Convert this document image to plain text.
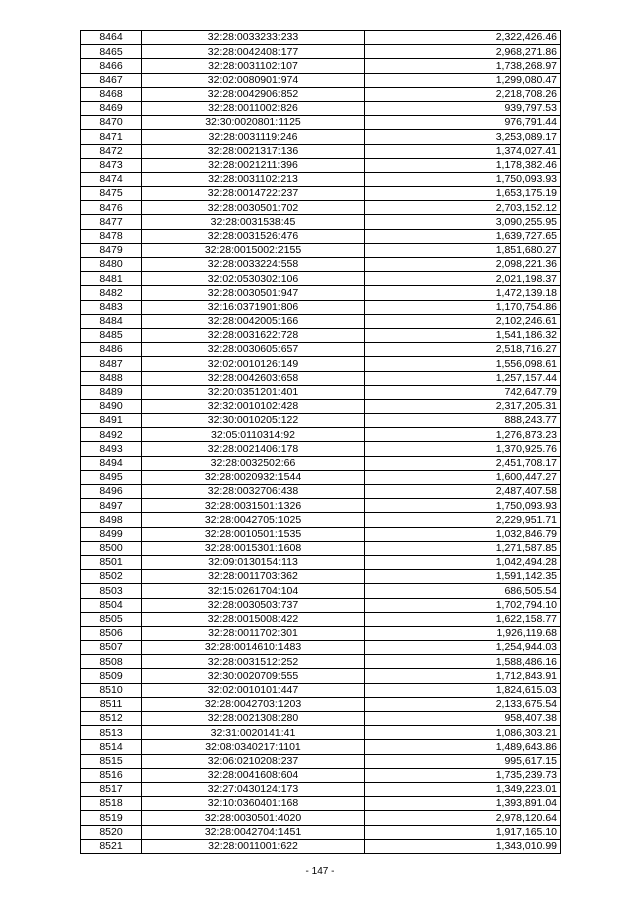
8464	32:28:0033233:233	2,322,426.46
8465	32:28:0042408:177	2,968,271.86
8466	32:28:0031102:107	1,738,268.97
8467	32:02:0080901:974	1,299,080.47
8468	32:28:0042906:852	2,218,708.26
8469	32:28:0011002:826	939,797.53
8470	32:30:0020801:1125	976,791.44
8471	32:28:0031119:246	3,253,089.17
8472	32:28:0021317:136	1,374,027.41
8473	32:28:0021211:396	1,178,382.46
8474	32:28:0031102:213	1,750,093.93
8475	32:28:0014722:237	1,653,175.19
8476	32:28:0030501:702	2,703,152.12
8477	32:28:0031538:45	3,090,255.95
8478	32:28:0031526:476	1,639,727.65
8479	32:28:0015002:2155	1,851,680.27
8480	32:28:0033224:558	2,098,221.36
8481	32:02:0530302:106	2,021,198.37
8482	32:28:0030501:947	1,472,139.18
8483	32:16:0371901:806	1,170,754.86
8484	32:28:0042005:166	2,102,246.61
8485	32:28:0031622:728	1,541,186.32
8486	32:28:0030605:657	2,518,716.27
8487	32:02:0010126:149	1,556,098.61
8488	32:28:0042603:658	1,257,157.44
8489	32:20:0351201:401	742,647.79
8490	32:32:0010102:428	2,317,205.31
8491	32:30:0010205:122	888,243.77
8492	32:05:0110314:92	1,276,873.23
8493	32:28:0021406:178	1,370,925.76
8494	32:28:0032502:66	2,451,708.17
8495	32:28:0020932:1544	1,600,447.27
8496	32:28:0032706:438	2,487,407.58
8497	32:28:0031501:1326	1,750,093.93
8498	32:28:0042705:1025	2,229,951.71
8499	32:28:0010501:1535	1,032,846.79
8500	32:28:0015301:1608	1,271,587.85
8501	32:09:0130154:113	1,042,494.28
8502	32:28:0011703:362	1,591,142.35
8503	32:15:0261704:104	686,505.54
8504	32:28:0030503:737	1,702,794.10
8505	32:28:0015008:422	1,622,158.77
8506	32:28:0011702:301	1,926,119.68
8507	32:28:0014610:1483	1,254,944.03
8508	32:28:0031512:252	1,588,486.16
8509	32:30:0020709:555	1,712,843.91
8510	32:02:0010101:447	1,824,615.03
8511	32:28:0042703:1203	2,133,675.54
8512	32:28:0021308:280	958,407.38
8513	32:31:0020141:41	1,086,303.21
8514	32:08:0340217:1101	1,489,643.86
8515	32:06:0210208:237	995,617.15
8516	32:28:0041608:604	1,735,239.73
8517	32:27:0430124:173	1,349,223.01
8518	32:10:0360401:168	1,393,891.04
8519	32:28:0030501:4020	2,978,120.64
8520	32:28:0042704:1451	1,917,165.10
8521	32:28:0011001:622	1,343,010.99
- 147 -
